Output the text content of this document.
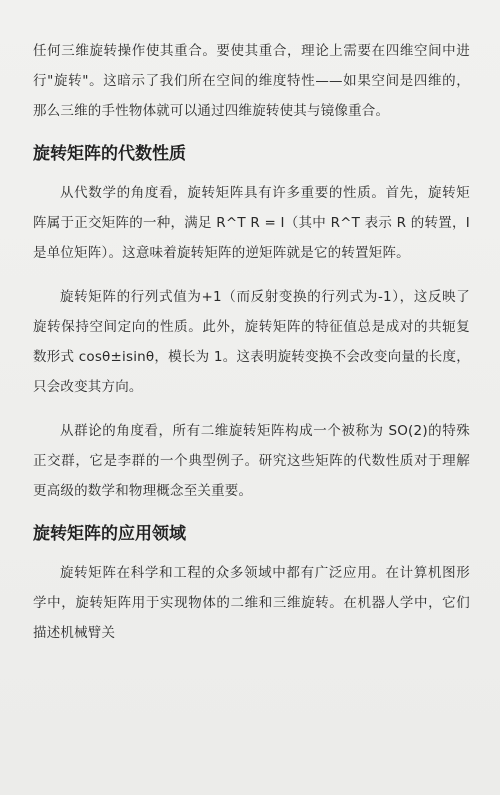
任何三维旋转操作使其重合。要使其重合，理论上需要在四维空间中进行"旋转"。这暗示了我们所在空间的维度特性——如果空间是四维的，那么三维的手性物体就可以通过四维旋转使其与镜像重合。

旋转矩阵的代数性质

从代数学的角度看，旋转矩阵具有许多重要的性质。首先，旋转矩阵属于正交矩阵的一种，满足 R^T R = I（其中 R^T 表示 R 的转置，I 是单位矩阵）。这意味着旋转矩阵的逆矩阵就是它的转置矩阵。

旋转矩阵的行列式值为+1（而反射变换的行列式为-1），这反映了旋转保持空间定向的性质。此外，旋转矩阵的特征值总是成对的共轭复数形式 cosθ±isinθ，模长为 1。这表明旋转变换不会改变向量的长度，只会改变其方向。

从群论的角度看，所有二维旋转矩阵构成一个被称为 SO(2)的特殊正交群，它是李群的一个典型例子。研究这些矩阵的代数性质对于理解更高级的数学和物理概念至关重要。

旋转矩阵的应用领域

旋转矩阵在科学和工程的众多领域中都有广泛应用。在计算机图形学中，旋转矩阵用于实现物体的二维和三维旋转。在机器人学中，它们描述机械臂关
